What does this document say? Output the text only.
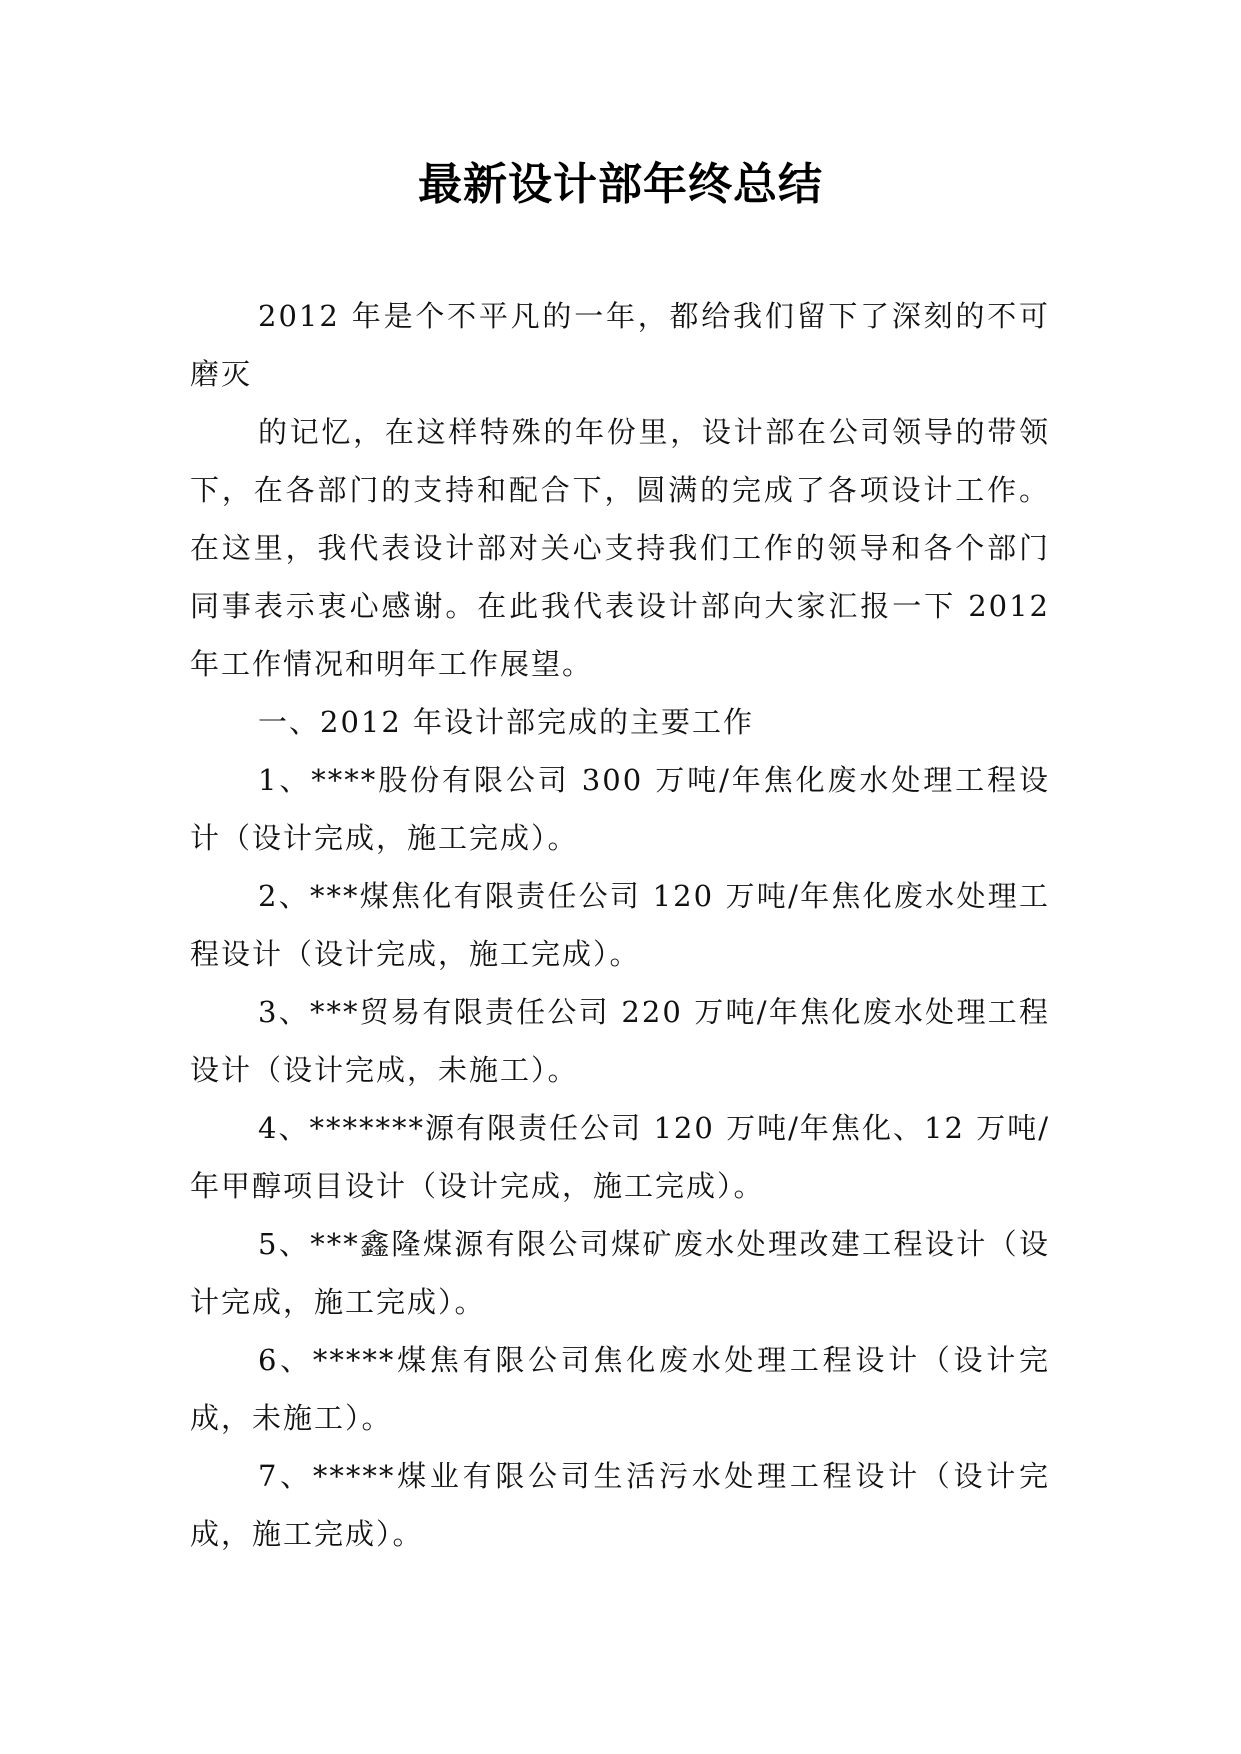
最新设计部年终总结

2012 年是个不平凡的一年，都给我们留下了深刻的不可磨灭

的记忆，在这样特殊的年份里，设计部在公司领导的带领下，在各部门的支持和配合下，圆满的完成了各项设计工作。在这里，我代表设计部对关心支持我们工作的领导和各个部门同事表示衷心感谢。在此我代表设计部向大家汇报一下 2012 年工作情况和明年工作展望。

一、2012 年设计部完成的主要工作

1、****股份有限公司 300 万吨/年焦化废水处理工程设计（设计完成，施工完成）。

2、***煤焦化有限责任公司 120 万吨/年焦化废水处理工程设计（设计完成，施工完成）。

3、***贸易有限责任公司 220 万吨/年焦化废水处理工程设计（设计完成，未施工）。

4、*******源有限责任公司 120 万吨/年焦化、12 万吨/年甲醇项目设计（设计完成，施工完成）。

5、***鑫隆煤源有限公司煤矿废水处理改建工程设计（设计完成，施工完成）。

6、*****煤焦有限公司焦化废水处理工程设计（设计完成，未施工）。

7、*****煤业有限公司生活污水处理工程设计（设计完成，施工完成）。
